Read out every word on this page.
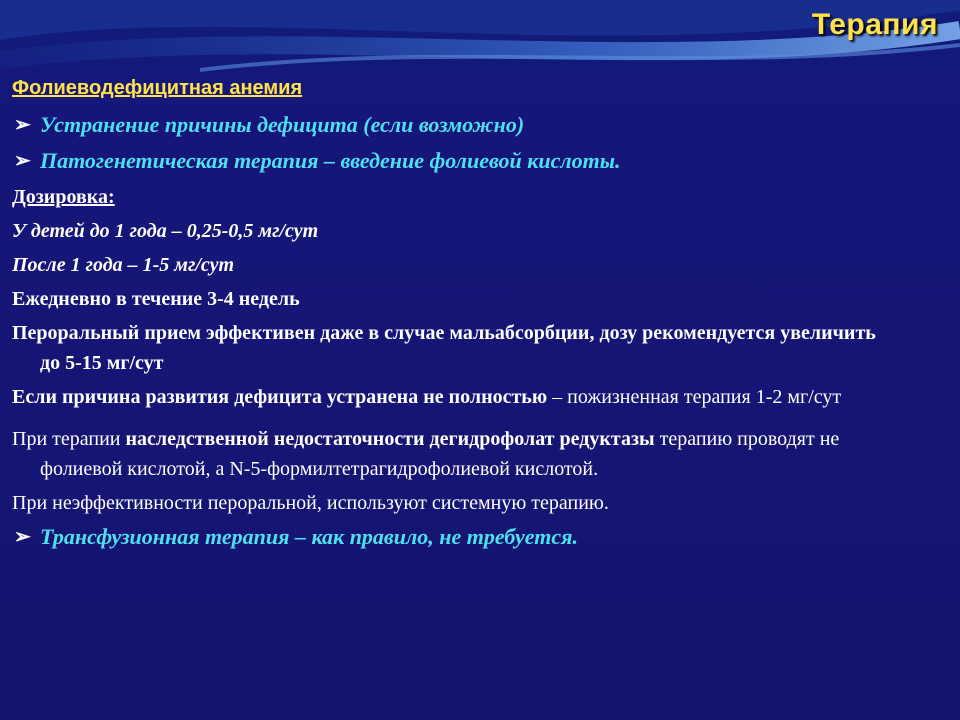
Терапия
Фолиеводефицитная анемия
➢ Устранение причины дефицита (если возможно)
➢ Патогенетическая терапия – введение фолиевой кислоты.
Дозировка:
У детей до 1 года – 0,25-0,5 мг/сут
После 1 года – 1-5 мг/сут
Ежедневно в течение 3-4 недель
Пероральный прием эффективен даже в случае мальабсорбции, дозу рекомендуется увеличить до 5-15 мг/сут
Если причина развития дефицита устранена не полностью – пожизненная терапия 1-2 мг/сут
При терапии наследственной недостаточности дегидрофолат редуктазы терапию проводят не фолиевой кислотой, а N-5-формилтетрагидрофолиевой кислотой.
При неэффективности пероральной, используют системную терапию.
➢ Трансфузионная терапия – как правило, не требуется.
